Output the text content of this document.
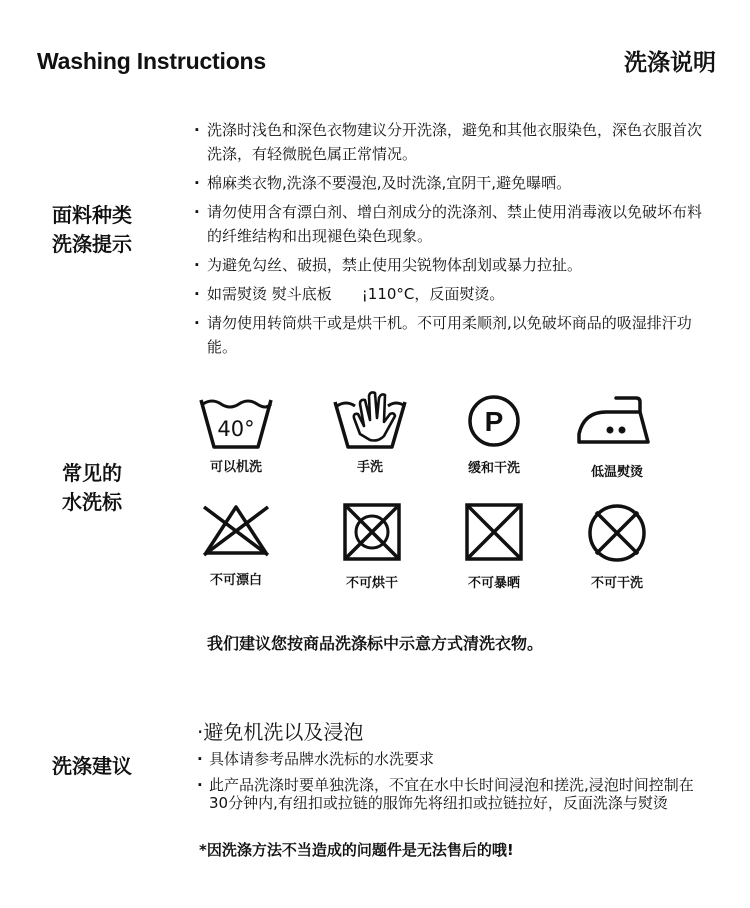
Washing Instructions	洗涤说明
面料种类
洗涤提示
· 洗涤时浅色和深色衣物建议分开洗涤，避免和其他衣服染色，深色衣服首次洗涤，有轻微脱色属正常情况。
· 棉麻类衣物,洗涤不要漫泡,及时洗涤,宜阴干,避免曝晒。
· 请勿使用含有漂白剂、增白剂成分的洗涤剂、禁止使用消毒液以免破坏布料的纤维结构和出现褪色染色现象。
· 为避免勾丝、破损，禁止使用尖锐物体刮划或暴力拉扯。
· 如需熨烫 熨斗底板　　¡110°C，反面熨烫。
· 请勿使用转筒烘干或是烘干机。不可用柔顺剂,以免破坏商品的吸湿排汗功能。
常见的
水洗标
40°
可以机洗	手洗
P
缓和干洗	低温熨烫
不可漂白	不可烘干	不可暴晒	不可干洗
我们建议您按商品洗涤标中示意方式清洗衣物。
洗涤建议
·避免机洗以及浸泡
· 具体请参考品牌水洗标的水洗要求
· 此产品洗涤时要单独洗涤，不宜在水中长时间浸泡和搓洗,浸泡时间控制在30分钟内,有纽扣或拉链的服饰先将纽扣或拉链拉好，反面洗涤与熨烫
*因洗涤方法不当造成的问题件是无法售后的哦!
